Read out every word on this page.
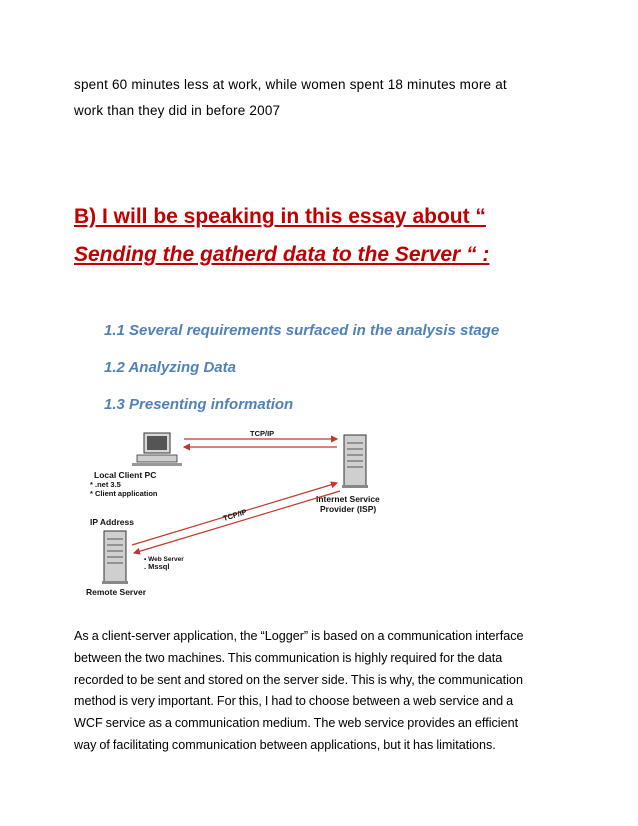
spent 60 minutes less at work, while women spent 18 minutes more at
work than they did in before 2007
B) I will be speaking in this essay about “
Sending the gatherd data to the Server “ :
1.1 Several requirements surfaced in the analysis stage
1.2 Analyzing Data
1.3 Presenting information
Local Client PC
* .net 3.5
* Client application
Internet Service
Provider (ISP)
TCP/IP
IP Address
• Web Server
. Mssql
Remote Server
TCP/IP
As a client-server application, the “Logger” is based on a communication interface
between the two machines. This communication is highly required for the data
recorded to be sent and stored on the server side. This is why, the communication
method is very important. For this, I had to choose between a web service and a
WCF service as a communication medium. The web service provides an efficient
way of facilitating communication between applications, but it has limitations.
